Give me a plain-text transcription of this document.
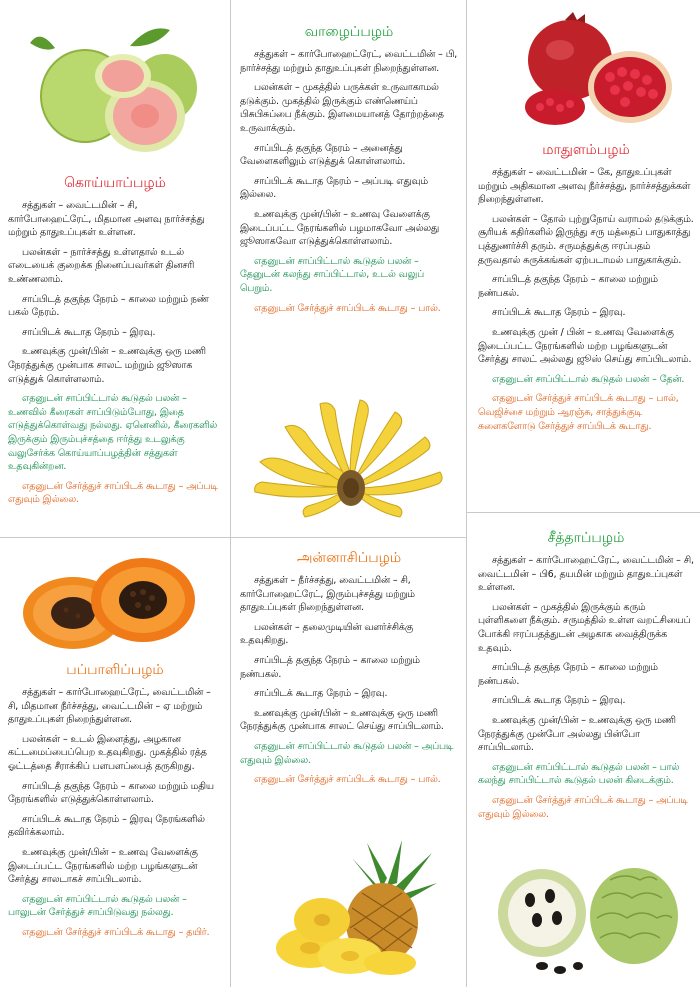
கொய்யாப்பழம்

சத்துகள் – வைட்டமின் – சி, கார்போஹைட்ரேட், மிதமான அளவு நார்ச்சத்து மற்றும் தாதுஉப்புகள் உள்ளன.

பலன்கள் – நார்ச்சத்து உள்ளதால் உடல் எடையைக் குறைக்க நினைப்பவர்கள் தினசரி உண்ணலாம்.

சாப்பிடத் தகுந்த நேரம் – காலை மற்றும் நண் பகல் நேரம்.

சாப்பிடக் கூடாத நேரம் – இரவு.

உணவுக்கு முன்/பின் – உணவுக்கு ஒரு மணி நேரத்துக்கு முன்பாக சாலட் மற்றும் ஜூஸாக எடுத்துக் கொள்ளலாம்.

எதனுடன் சாப்பிட்டால் கூடுதல் பலன் – உணவில் கீரைகள் சாப்பிடும்போது, இதை எடுத்துக்கொள்வது நல்லது. ஏனெனில், கீரைகளில் இருக்கும் இரும்புச்சத்தை ஈர்த்து உடலுக்கு வலுசேர்க்க கொய்யாப்பழத்தின் சத்துகள் உதவுகின்றன.

எதனுடன் சேர்த்துச் சாப்பிடக் கூடாது – அப்படி எதுவும் இல்லை.

வாழைப்பழம்

சத்துகள் – கார்போஹைட்ரேட், வைட்டமின் – பி, நார்ச்சத்து மற்றும் தாதுஉப்புகள் நிறைந்துள்ளன.

பலன்கள் – முகத்தில் பருக்கள் உருவாகாமல் தடுக்கும். முகத்தில் இருக்கும் எண்ணெய்ப் பிசுபிசுப்பை நீக்கும். இளமையானத் தோற்றத்தை உருவாக்கும்.

சாப்பிடத் தகுந்த நேரம் – அனைத்து வேளைகளிலும் எடுத்துக் கொள்ளலாம்.

சாப்பிடக் கூடாத நேரம் – அப்படி எதுவும் இல்லை.

உணவுக்கு முன்/பின் – உணவு வேளைக்கு இடைப்பட்ட நேரங்களில் பழமாகவோ அல்லது ஜூஸாகவோ எடுத்துக்கொள்ளலாம்.

எதனுடன் சாப்பிட்டால் கூடுதல் பலன் – தேனுடன் கலந்து சாப்பிட்டால், உடல் வலுப் பெறும்.

எதனுடன் சேர்த்துச் சாப்பிடக் கூடாது – பால்.

மாதுளம்பழம்

சத்துகள் – வைட்டமின் – கே, தாதுஉப்புகள் மற்றும் அதிகமான அளவு நீர்ச்சத்து, நார்ச்சத்துக்கள் நிறைந்துள்ளன.

பலன்கள் – தோல் புற்றுநோய் வராமல் தடுக்கும். சூரியக் கதிர்களில் இருந்து சரு மத்தைப் பாதுகாத்து புத்துணர்ச்சி தரும். சருமத்துக்கு ஈரப்பதம் தருவதால் சுருக்கங்கள் ஏற்படாமல் பாதுகாக்கும்.

சாப்பிடத் தகுந்த நேரம் – காலை மற்றும் நண்பகல்.

சாப்பிடக் கூடாத நேரம் – இரவு.

உணவுக்கு முன் / பின் – உணவு வேளைக்கு இடைப்பட்ட நேரங்களில் மற்ற பழங்களுடன் சேர்த்து சாலட் அல்லது ஜூஸ் செய்து சாப்பிடலாம்.

எதனுடன் சாப்பிட்டால் கூடுதல் பலன் – தேன்.

எதனுடன் சேர்த்துச் சாப்பிடக் கூடாது – பால், வெஜிச்சை மற்றும் ஆரஞ்சு, சாத்துக்குடி சுளைகளோடு சேர்த்துச் சாப்பிடக் கூடாது.

பப்பாளிப்பழம்

சத்துகள் – கார்போஹைட்ரேட், வைட்டமின் – சி, மிதமான நீர்ச்சத்து, வைட்டமின் – ஏ மற்றும் தாதுஉப்புகள் நிறைந்துள்ளன.

பலன்கள் – உடல் இளைத்து, அழகான கட்டமைப்பைப்பெற உதவுகிறது. முகத்தில் ரத்த ஓட்டத்தை சீராக்கிப் பளபளப்பைத் தருகிறது.

சாப்பிடத் தகுந்த நேரம் – காலை மற்றும் மதிய நேரங்களில் எடுத்துக்கொள்ளலாம்.

சாப்பிடக் கூடாத நேரம் – இரவு நேரங்களில் தவிர்க்கலாம்.

உணவுக்கு முன்/பின் – உணவு வேளைக்கு இடைப்பட்ட நேரங்களில் மற்ற பழங்களுடன் சேர்த்து சாலடாகச் சாப்பிடலாம்.

எதனுடன் சாப்பிட்டால் கூடுதல் பலன் – பாலுடன் சேர்த்துச் சாப்பிடுவது நல்லது.

எதனுடன் சேர்த்துச் சாப்பிடக் கூடாது – தயிர்.

அன்னாசிப்பழம்

சத்துகள் – நீர்ச்சத்து, வைட்டமின் – சி, கார்போஹைட்ரேட், இரும்புச்சத்து மற்றும் தாதுஉப்புகள் நிறைந்துள்ளன.

பலன்கள் – தலைமுடியின் வளர்ச்சிக்கு உதவுகிறது.

சாப்பிடத் தகுந்த நேரம் – காலை மற்றும் நண்பகல்.

சாப்பிடக் கூடாத நேரம் – இரவு.

உணவுக்கு முன்/பின் – உணவுக்கு ஒரு மணி நேரத்துக்கு முன்பாக சாலட் செய்து சாப்பிடலாம்.

எதனுடன் சாப்பிட்டால் கூடுதல் பலன் – அப்படி எதுவும் இல்லை.

எதனுடன் சேர்த்துச் சாப்பிடக் கூடாது – பால்.

சீத்தாப்பழம்

சத்துகள் – கார்போஹைட்ரேட், வைட்டமின் – சி, வைட்டமின் – பி6, தயமின் மற்றும் தாதுஉப்புகள் உள்ளன.

பலன்கள் – முகத்தில் இருக்கும் கரும் புள்ளிகளை நீக்கும். சருமத்தில் உள்ள வறட்சியைப் போக்கி ஈரப்பதத்துடன் அழகாக வைத்திருக்க உதவும்.

சாப்பிடத் தகுந்த நேரம் – காலை மற்றும் நண்பகல்.

சாப்பிடக் கூடாத நேரம் – இரவு.

உணவுக்கு முன்/பின் – உணவுக்கு ஒரு மணி நேரத்துக்கு முன்போ அல்லது பின்போ சாப்பிடலாம்.

எதனுடன் சாப்பிட்டால் கூடுதல் பலன் – பால் கலந்து சாப்பிட்டால் கூடுதல் பலன் கிடைக்கும்.

எதனுடன் சேர்த்துச் சாப்பிடக் கூடாது – அப்படி எதுவும் இல்லை.
